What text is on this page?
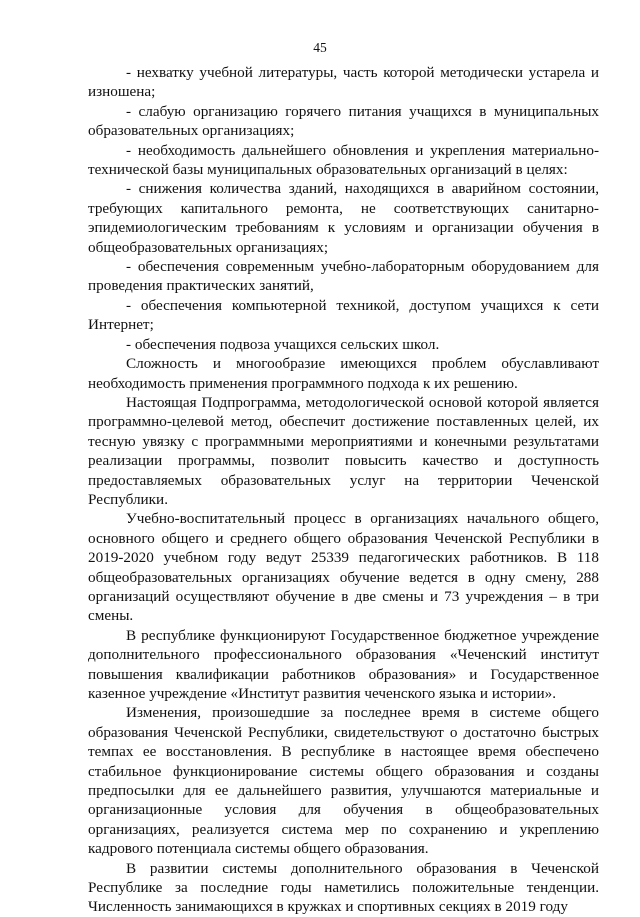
45

- нехватку учебной литературы, часть которой методически устарела и изношена;

- слабую организацию горячего питания учащихся в муниципальных образовательных организациях;

- необходимость дальнейшего обновления и укрепления материально-технической базы муниципальных образовательных организаций в целях:

- снижения количества зданий, находящихся в аварийном состоянии, требующих капитального ремонта, не соответствующих санитарно-эпидемиологическим требованиям к условиям и организации обучения в общеобразовательных организациях;

- обеспечения современным учебно-лабораторным оборудованием для проведения практических занятий,

- обеспечения компьютерной техникой, доступом учащихся к сети Интернет;

- обеспечения подвоза учащихся сельских школ.

Сложность и многообразие имеющихся проблем обуславливают необходимость применения программного подхода к их решению.

Настоящая Подпрограмма, методологической основой которой является программно-целевой метод, обеспечит достижение поставленных целей, их тесную увязку с программными мероприятиями и конечными результатами реализации программы, позволит повысить качество и доступность предоставляемых образовательных услуг на территории Чеченской Республики.

Учебно-воспитательный процесс в организациях начального общего, основного общего и среднего общего образования Чеченской Республики в 2019-2020 учебном году ведут 25339 педагогических работников. В 118 общеобразовательных организациях обучение ведется в одну смену, 288 организаций осуществляют обучение в две смены и 73 учреждения – в три смены.

В республике функционируют Государственное бюджетное учреждение дополнительного профессионального образования «Чеченский институт повышения квалификации работников образования» и Государственное казенное учреждение «Институт развития чеченского языка и истории».

Изменения, произошедшие за последнее время в системе общего образования Чеченской Республики, свидетельствуют о достаточно быстрых темпах ее восстановления. В республике в настоящее время обеспечено стабильное функционирование системы общего образования и созданы предпосылки для ее дальнейшего развития, улучшаются материальные и организационные условия для обучения в общеобразовательных организациях, реализуется система мер по сохранению и укреплению кадрового потенциала системы общего образования.

В развитии системы дополнительного образования в Чеченской Республике за последние годы наметились положительные тенденции. Численность занимающихся в кружках и спортивных секциях в 2019 году
